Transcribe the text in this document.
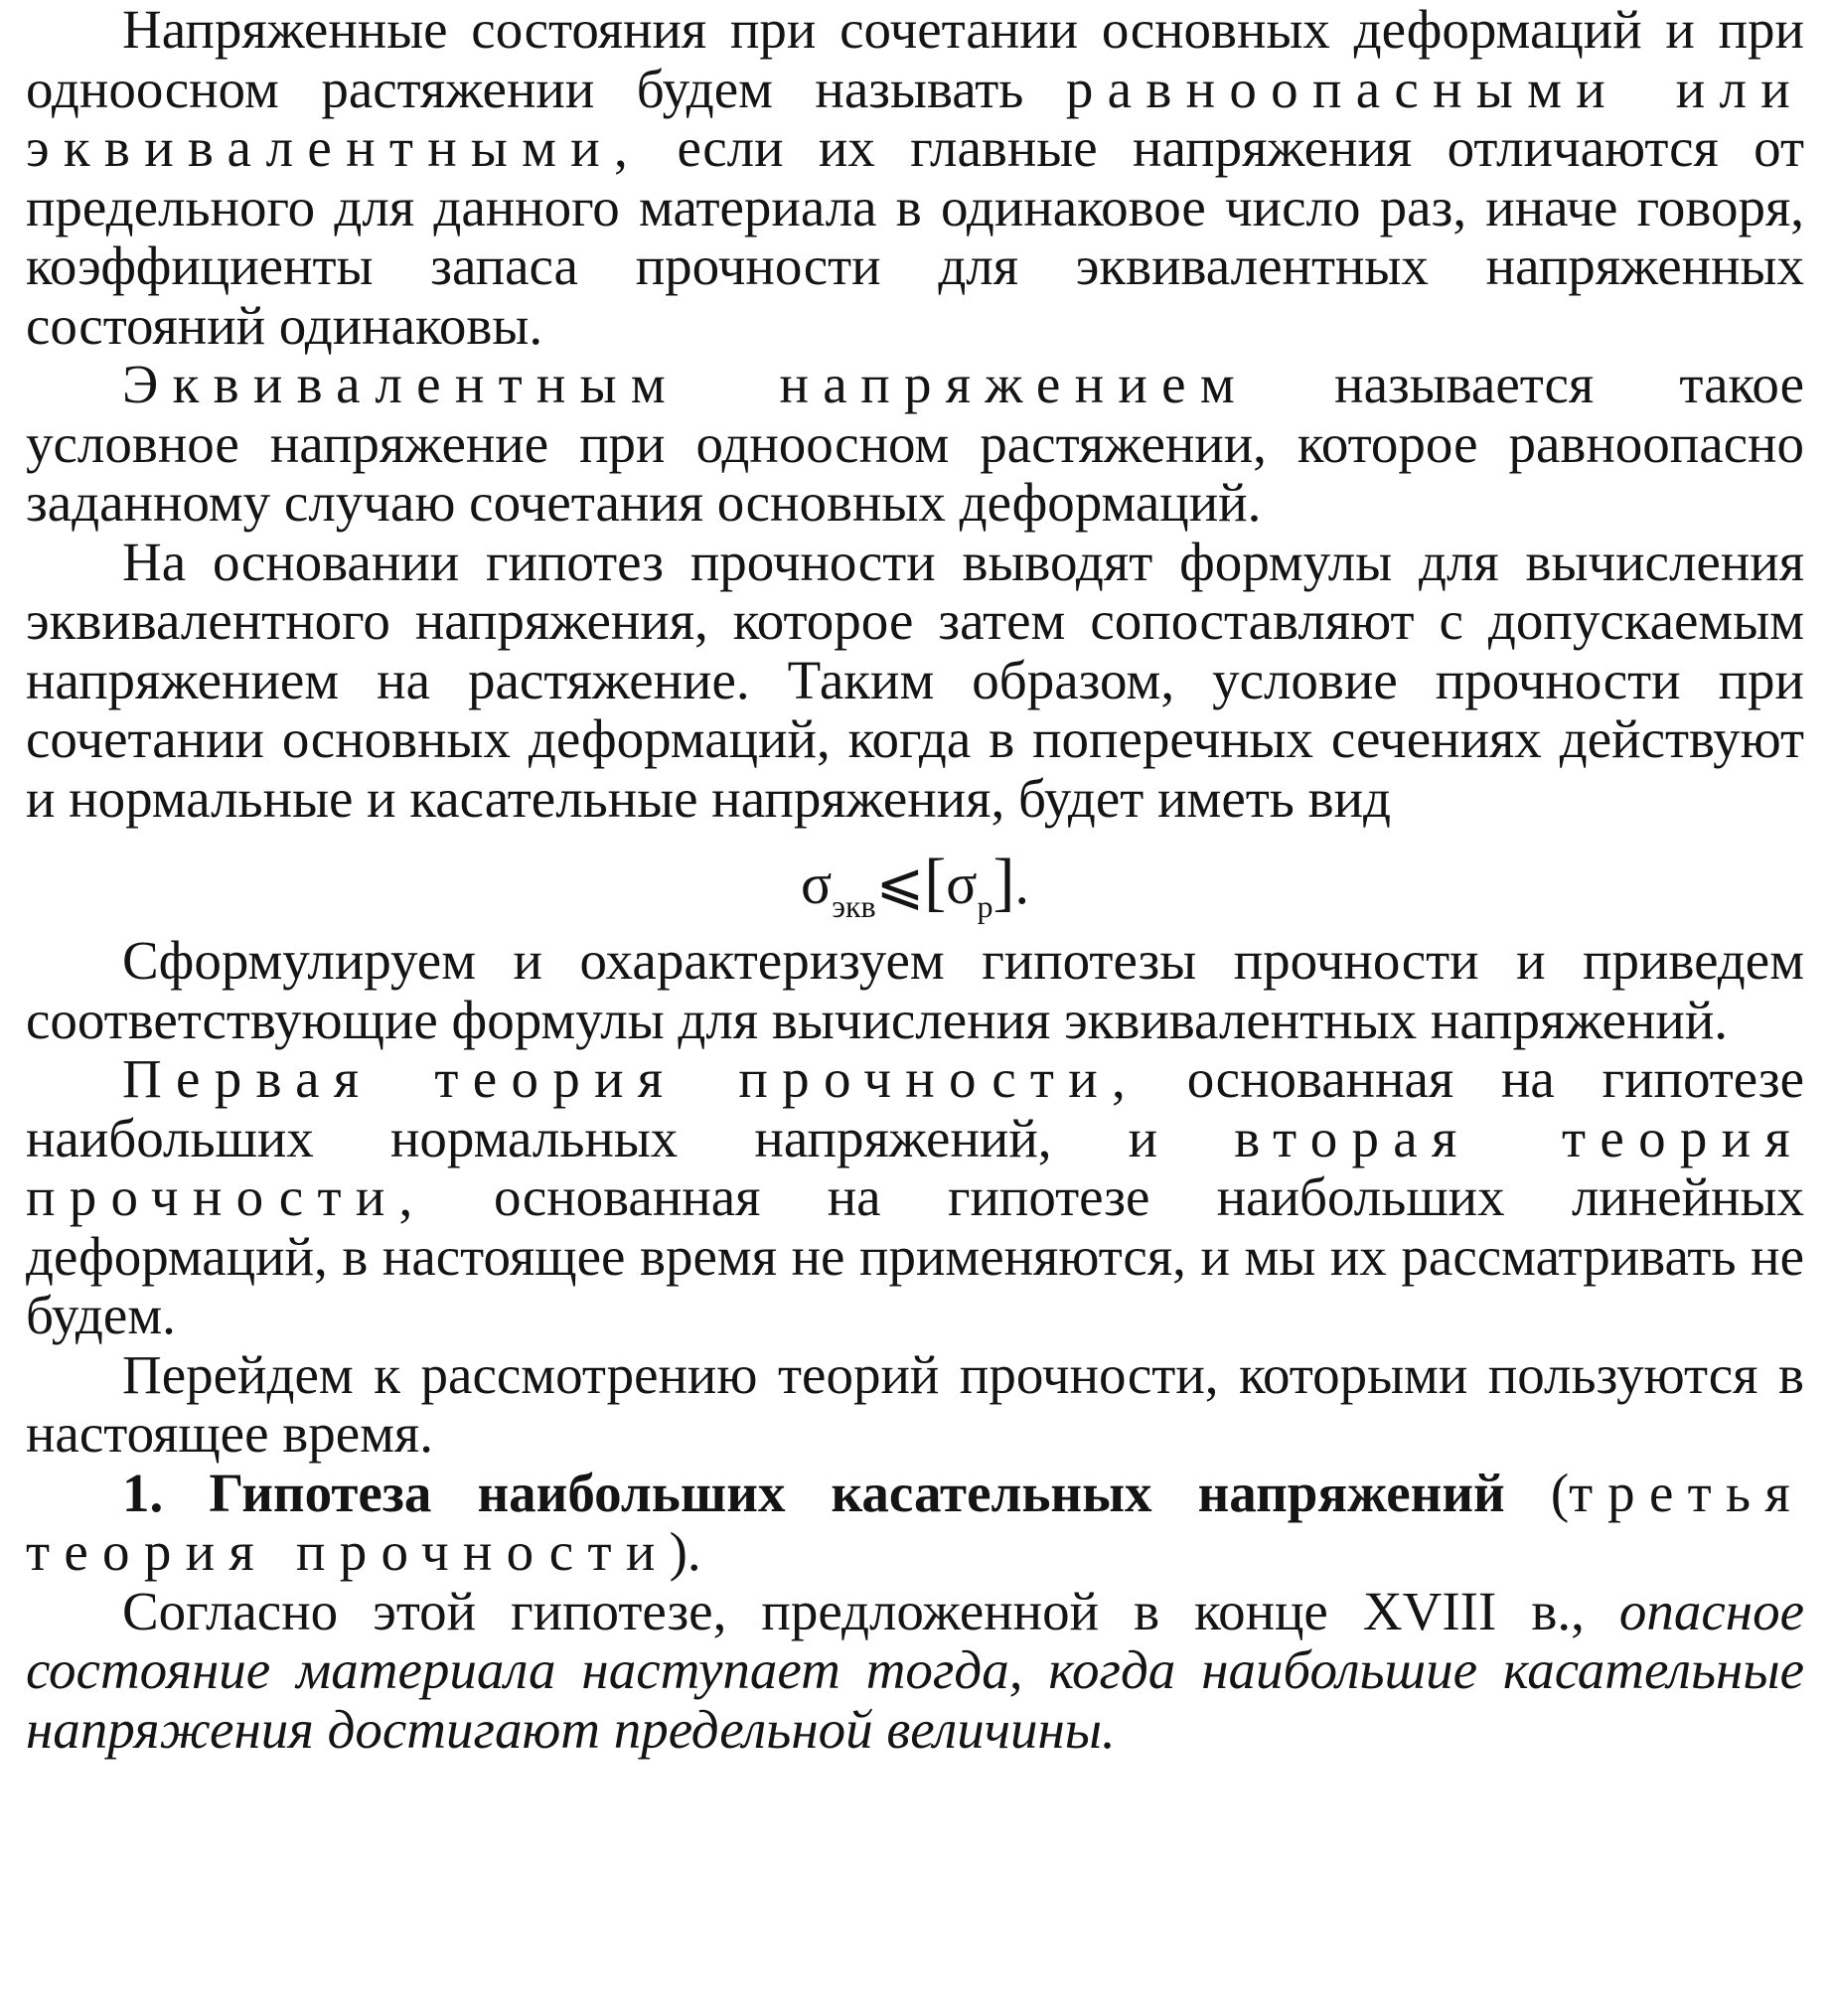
Напряженные состояния при сочетании основных деформаций и при одноосном растяжении будем называть равноопасными или эквивалентными, если их главные напряжения отличаются от предельного для данного материала в одинаковое число раз, иначе говоря, коэффициенты запаса прочности для эквивалентных напряженных состояний одинаковы.

Эквивалентным напряжением называется такое условное напряжение при одноосном растяжении, которое равноопасно заданному случаю сочетания основных деформаций.

На основании гипотез прочности выводят формулы для вычисления эквивалентного напряжения, которое затем сопоставляют с допускаемым напряжением на растяжение. Таким образом, условие прочности при сочетании основных деформаций, когда в поперечных сечениях действуют и нормальные и касательные напряжения, будет иметь вид

$\sigma_{экв}⩽[\sigma_р]$.

Сформулируем и охарактеризуем гипотезы прочности и приведем соответствующие формулы для вычисления эквивалентных напряжений.

Первая теория прочности, основанная на гипотезе наибольших нормальных напряжений, и вторая теория прочности, основанная на гипотезе наибольших линейных деформаций, в настоящее время не применяются, и мы их рассматривать не будем.

Перейдем к рассмотрению теорий прочности, которыми пользуются в настоящее время.

1. Гипотеза наибольших касательных напряжений (третья теория прочности).

Согласно этой гипотезе, предложенной в конце XVIII в., опасное состояние материала наступает тогда, когда наибольшие касательные напряжения достигают предельной величины.
